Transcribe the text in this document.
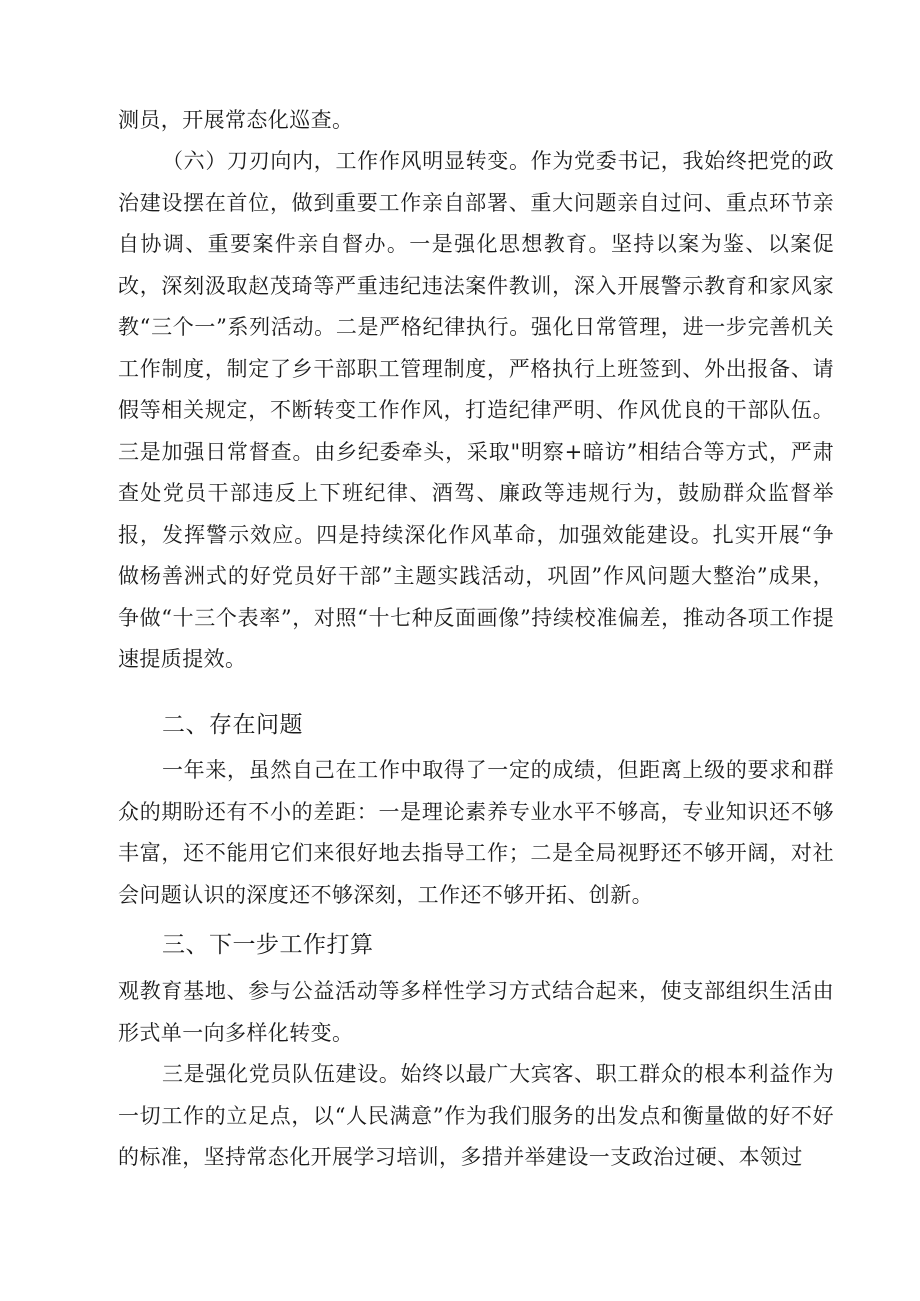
测员，开展常态化巡查。

（六）刀刃向内，工作作风明显转变。作为党委书记，我始终把党的政治建设摆在首位，做到重要工作亲自部署、重大问题亲自过问、重点环节亲自协调、重要案件亲自督办。一是强化思想教育。坚持以案为鉴、以案促改，深刻汲取赵茂琦等严重违纪违法案件教训，深入开展警示教育和家风家教“三个一”系列活动。二是严格纪律执行。强化日常管理，进一步完善机关工作制度，制定了乡干部职工管理制度，严格执行上班签到、外出报备、请假等相关规定，不断转变工作作风，打造纪律严明、作风优良的干部队伍。三是加强日常督查。由乡纪委牵头，采取"明察+暗访”相结合等方式，严肃查处党员干部违反上下班纪律、酒驾、廉政等违规行为，鼓励群众监督举报，发挥警示效应。四是持续深化作风革命，加强效能建设。扎实开展“争做杨善洲式的好党员好干部”主题实践活动，巩固”作风问题大整治”成果，争做“十三个表率”，对照“十七种反面画像”持续校准偏差，推动各项工作提速提质提效。

二、存在问题

一年来，虽然自己在工作中取得了一定的成绩，但距离上级的要求和群众的期盼还有不小的差距：一是理论素养专业水平不够高，专业知识还不够丰富，还不能用它们来很好地去指导工作；二是全局视野还不够开阔，对社会问题认识的深度还不够深刻，工作还不够开拓、创新。

三、下一步工作打算

观教育基地、参与公益活动等多样性学习方式结合起来，使支部组织生活由形式单一向多样化转变。

三是强化党员队伍建设。始终以最广大宾客、职工群众的根本利益作为一切工作的立足点，以“人民满意”作为我们服务的出发点和衡量做的好不好的标准，坚持常态化开展学习培训，多措并举建设一支政治过硬、本领过
